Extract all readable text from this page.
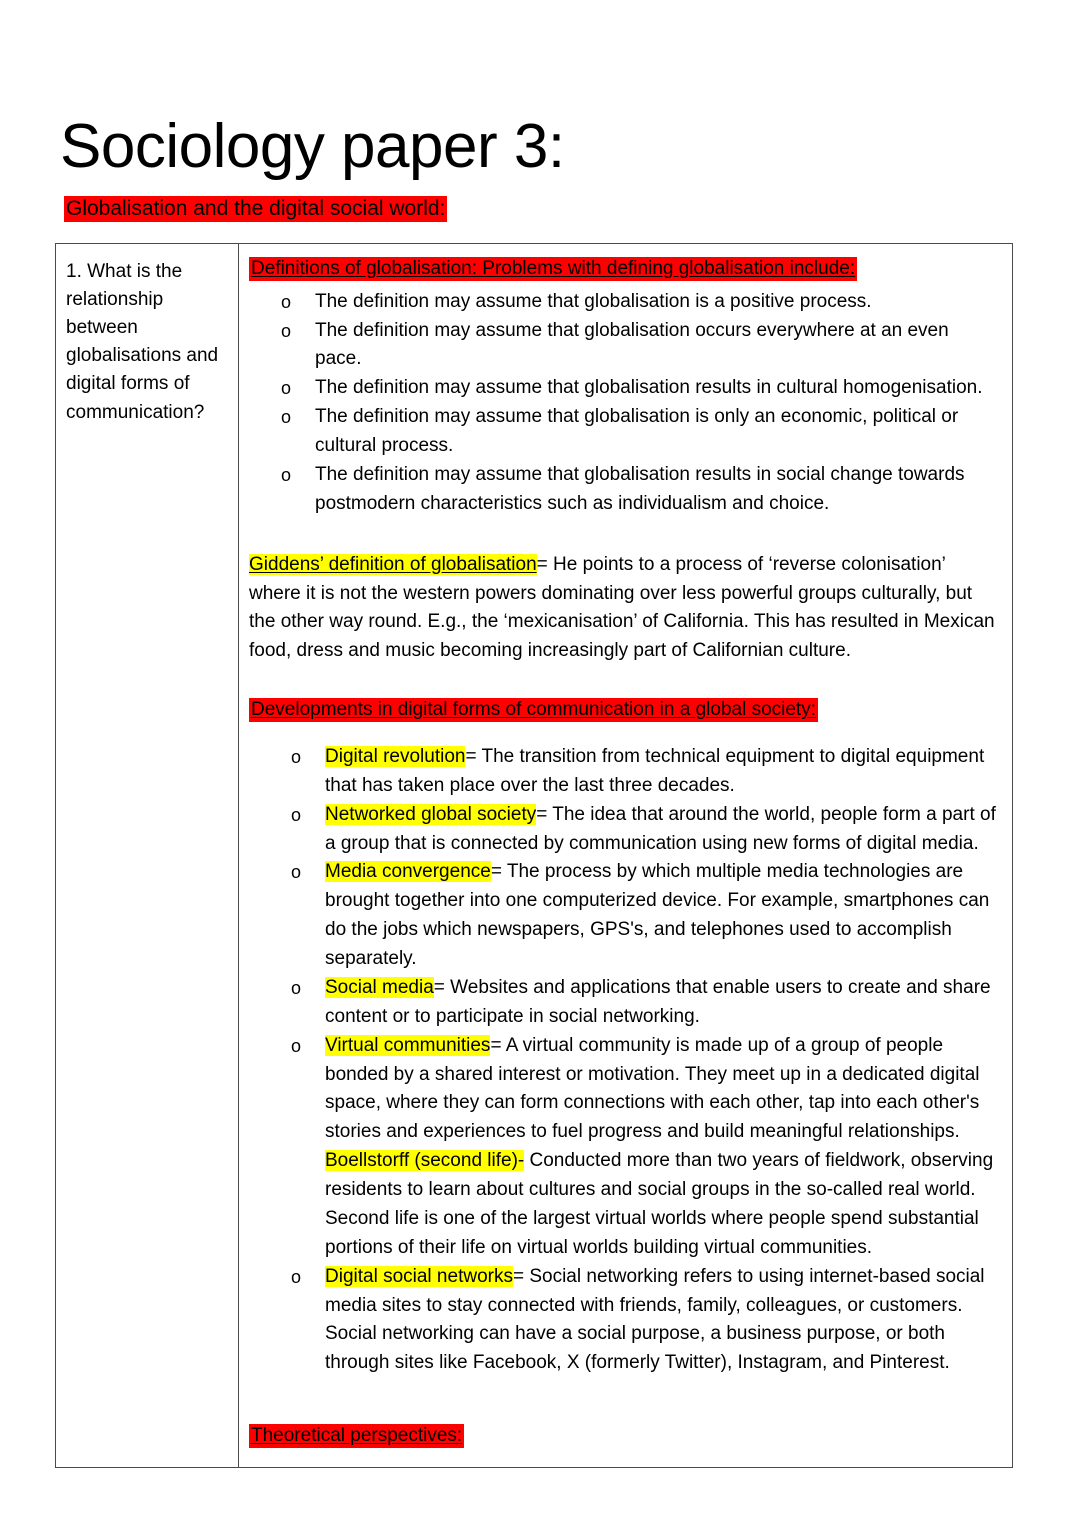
Sociology paper 3:
Globalisation and the digital social world:
1. What is the relationship between globalisations and digital forms of communication?

Definitions of globalisation: Problems with defining globalisation include:

o The definition may assume that globalisation is a positive process.
o The definition may assume that globalisation occurs everywhere at an even pace.
o The definition may assume that globalisation results in cultural homogenisation.
o The definition may assume that globalisation is only an economic, political or cultural process.
o The definition may assume that globalisation results in social change towards postmodern characteristics such as individualism and choice.

Giddens’ definition of globalisation= He points to a process of ‘reverse colonisation’ where it is not the western powers dominating over less powerful groups culturally, but the other way round. E.g., the ‘mexicanisation’ of California. This has resulted in Mexican food, dress and music becoming increasingly part of Californian culture.

Developments in digital forms of communication in a global society:

o Digital revolution= The transition from technical equipment to digital equipment that has taken place over the last three decades.
o Networked global society= The idea that around the world, people form a part of a group that is connected by communication using new forms of digital media.
o Media convergence= The process by which multiple media technologies are brought together into one computerized device. For example, smartphones can do the jobs which newspapers, GPS's, and telephones used to accomplish separately.
o Social media= Websites and applications that enable users to create and share content or to participate in social networking.
o Virtual communities= A virtual community is made up of a group of people bonded by a shared interest or motivation. They meet up in a dedicated digital space, where they can form connections with each other, tap into each other's stories and experiences to fuel progress and build meaningful relationships. Boellstorff (second life)- Conducted more than two years of fieldwork, observing residents to learn about cultures and social groups in the so-called real world. Second life is one of the largest virtual worlds where people spend substantial portions of their life on virtual worlds building virtual communities.
o Digital social networks= Social networking refers to using internet-based social media sites to stay connected with friends, family, colleagues, or customers. Social networking can have a social purpose, a business purpose, or both through sites like Facebook, X (formerly Twitter), Instagram, and Pinterest.

Theoretical perspectives:
